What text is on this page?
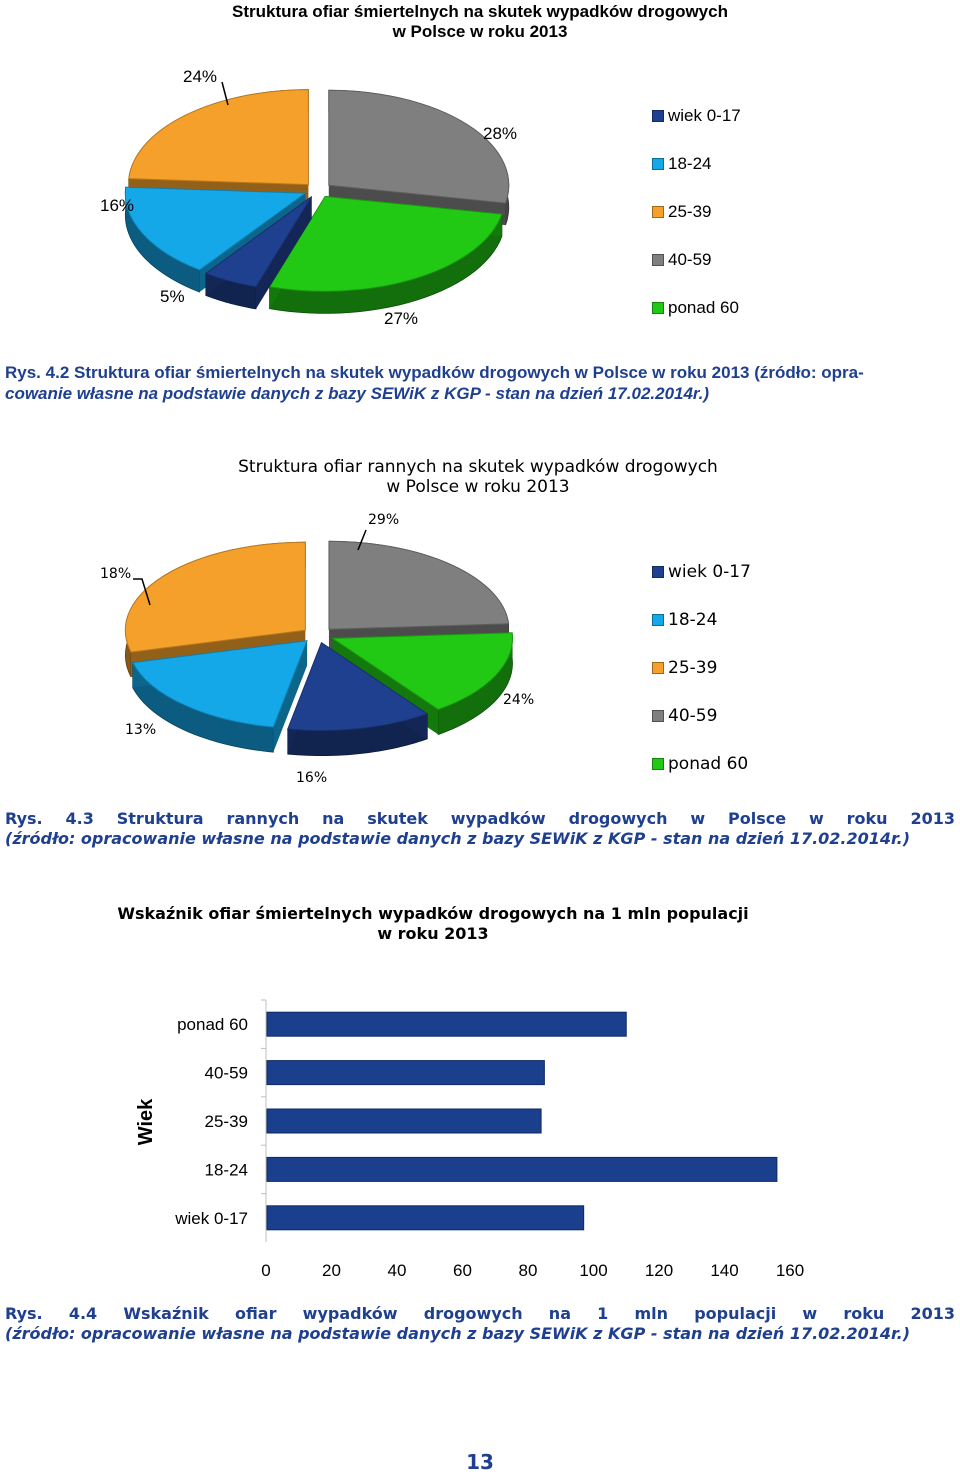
Struktura ofiar śmiertelnych na skutek wypadków drogowych
w Polsce w roku 2013
24%
28%
16%
5%
27%
wiek 0-17
18-24
25-39
40-59
ponad 60
Rys. 4.2 Struktura ofiar śmiertelnych na skutek wypadków drogowych w Polsce w roku 2013 (źródło: opra-
cowanie własne na podstawie danych z bazy SEWiK z KGP - stan na dzień 17.02.2014r.)
Struktura ofiar rannych na skutek wypadków drogowych
w Polsce w roku 2013
29%
18%
24%
13%
16%
wiek 0-17
18-24
25-39
40-59
ponad 60
Rys. 4.3 Struktura rannych na skutek wypadków drogowych w Polsce w roku 2013
(źródło: opracowanie własne na podstawie danych z bazy SEWiK z KGP - stan na dzień 17.02.2014r.)
Wskaźnik ofiar śmiertelnych wypadków drogowych na 1 mln populacji
w roku 2013
Wiek
wiek 0-17
18-24
25-39
40-59
ponad 60
0	20	40	60	80 100 120 140 160
Rys. 4.4 Wskaźnik ofiar wypadków drogowych na 1 mln populacji w roku 2013
(źródło: opracowanie własne na podstawie danych z bazy SEWiK z KGP - stan na dzień 17.02.2014r.)
13
